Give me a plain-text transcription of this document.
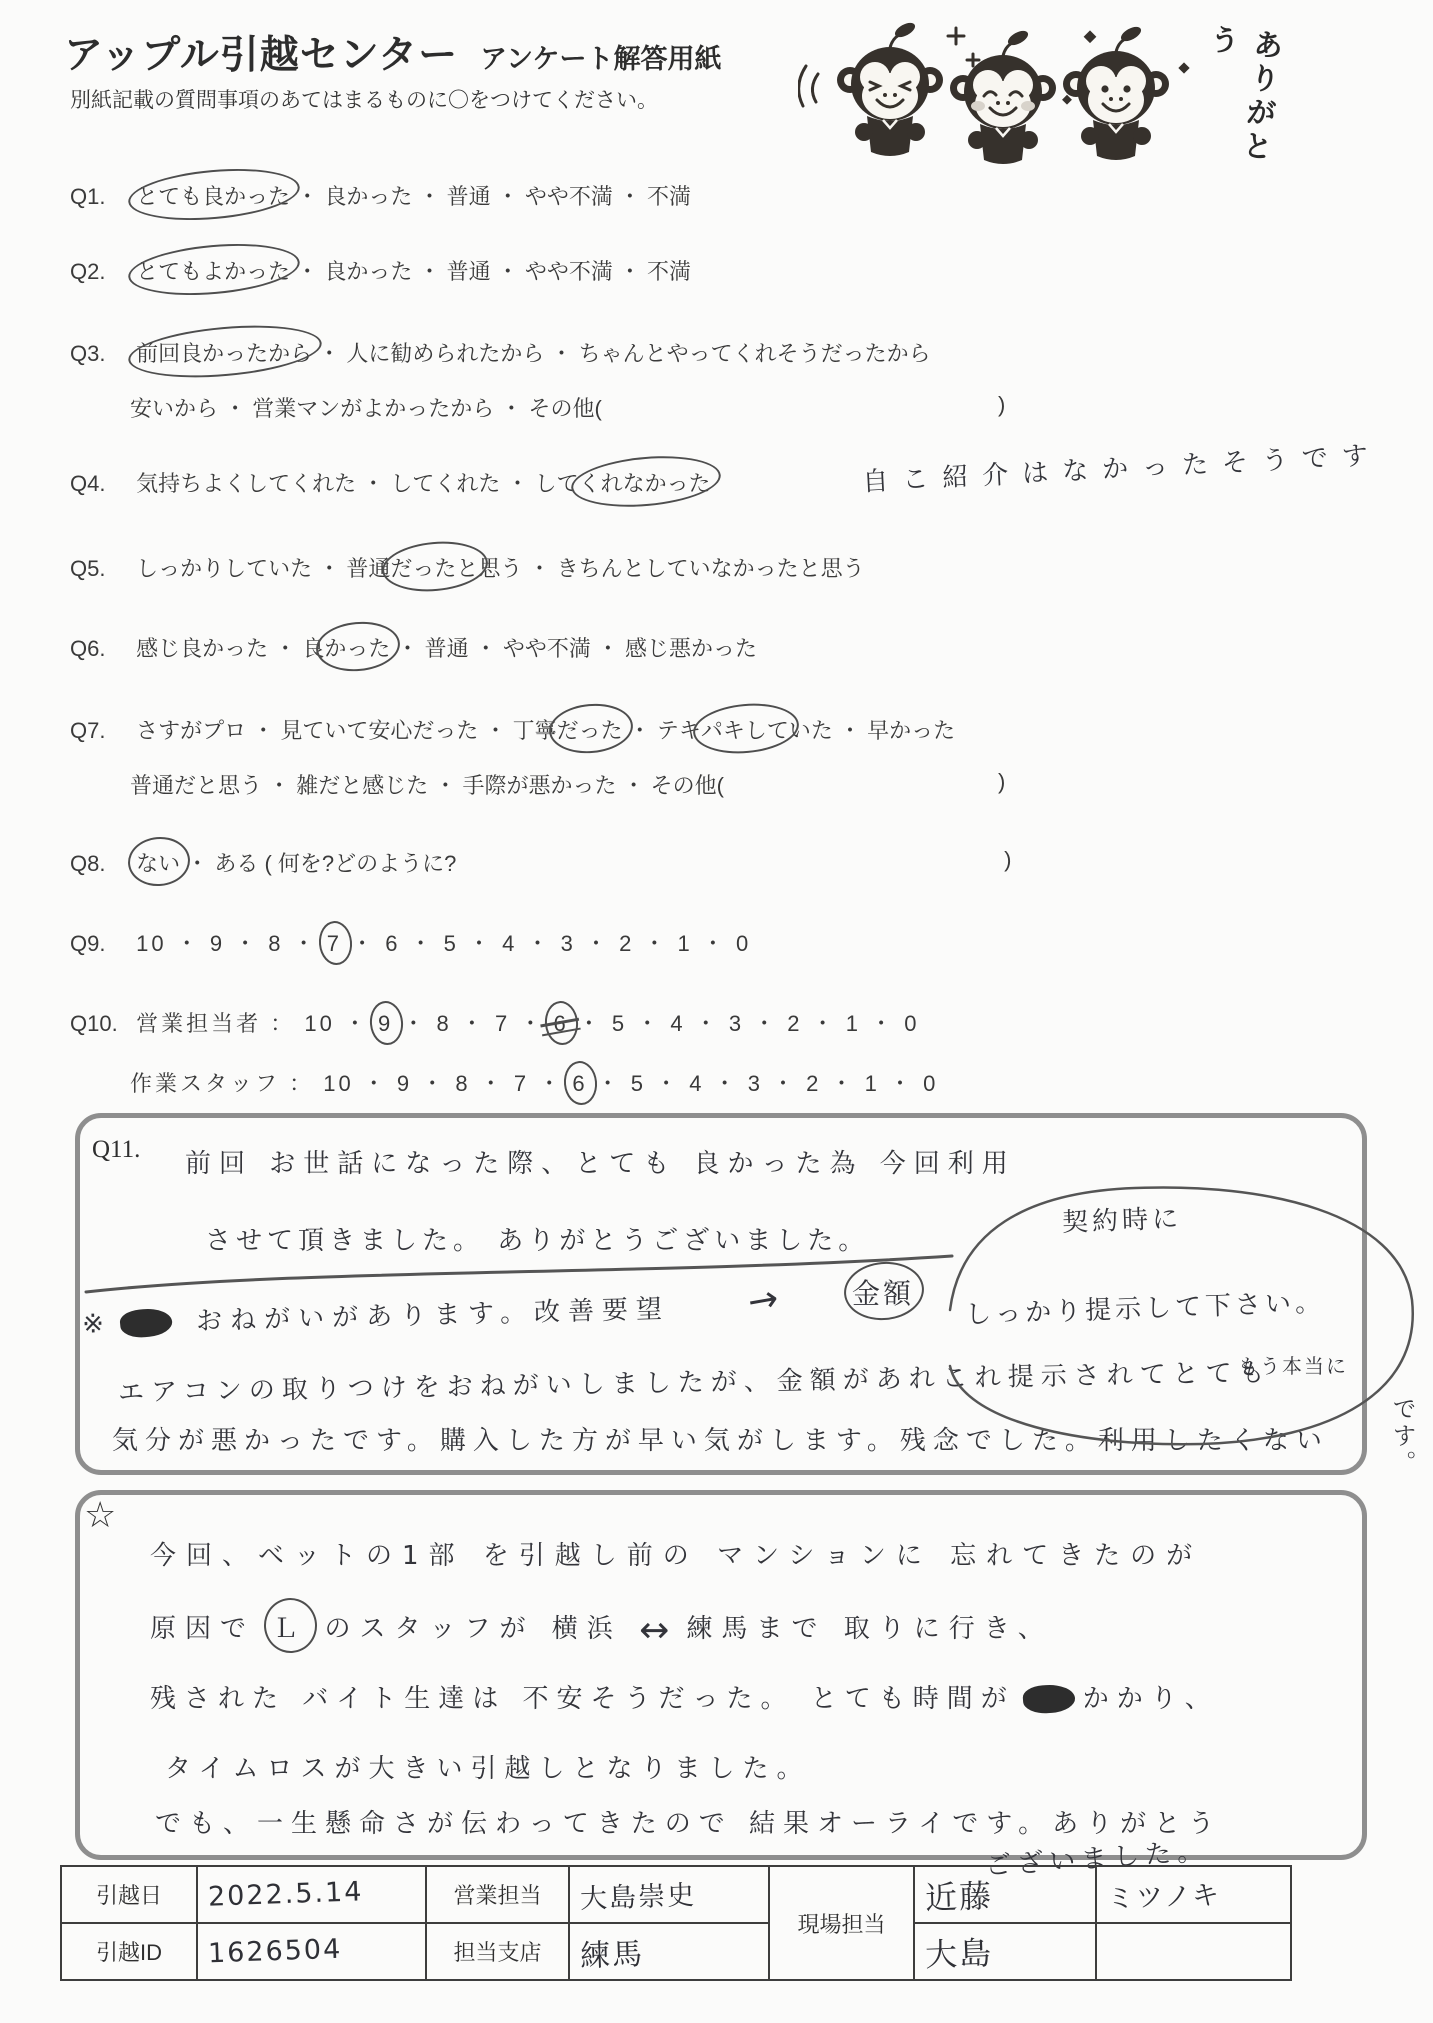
アップル引越センター アンケート解答用紙
別紙記載の質問事項のあてはまるものに〇をつけてください。	ありがとう
Q1. とても良かった ・ 良かった ・ 普通 ・ やや不満 ・ 不満
Q2. とてもよかった ・ 良かった ・ 普通 ・ やや不満 ・ 不満
Q3. 前回良かったから ・ 人に勧められたから ・ ちゃんとやってくれそうだったから
安いから ・ 営業マンがよかったから ・ その他(	)
Q4. 気持ちよくしてくれた ・ してくれた ・ してくれなかった	自こ紹介はなかったそうです
Q5. しっかりしていた ・ 普通だったと思う ・ きちんとしていなかったと思う
Q6. 感じ良かった ・ 良かった ・ 普通 ・ やや不満 ・ 感じ悪かった
Q7. さすがプロ ・ 見ていて安心だった ・ 丁寧だった ・ テキパキしていた ・ 早かった
普通だと思う ・ 雑だと感じた ・ 手際が悪かった ・ その他(	)
Q8. ない ・ ある ( 何を?どのように?	)
Q9. 10 ・ 9 ・ 8 ・ 7 ・ 6 ・ 5 ・ 4 ・ 3 ・ 2 ・ 1 ・ 0
Q10. 営業担当者 ： 10 ・ 9 ・ 8 ・ 7 ・ 6 ・ 5 ・ 4 ・ 3 ・ 2 ・ 1 ・ 0
作業スタッフ ： 10 ・ 9 ・ 8 ・ 7 ・ 6 ・ 5 ・ 4 ・ 3 ・ 2 ・ 1 ・ 0
Q11. 前回 お世話になった際、とても 良かった為 今回利用
させて頂きました。 ありがとうございました。
契約時に
※	おねがいがあります。改善要望 →	金額 しっかり提示して下さい。
エアコンの取りつけをおねがいしましたが、金額があれこれ提示されてとても
もう本当に
気分が悪かったです。購入した方が早い気がします。残念でした。利用したくない です。
☆
今回、ベットの1部 を引越し前の マンションに 忘れてきたのが
原因で Ｌ のスタッフが 横浜 ↔ 練馬まで 取りに行き、
残された バイト生達は 不安そうだった。 とても時間が	かかり、
タイムロスが大きい引越しとなりました。
でも、一生懸命さが伝わってきたので 結果オーライです。ありがとう
ございました。
引越日	2022.5.14	営業担当	大島崇史	現場担当	近藤	ミツノキ
引越ID	1626504	担当支店	練馬		大島	
